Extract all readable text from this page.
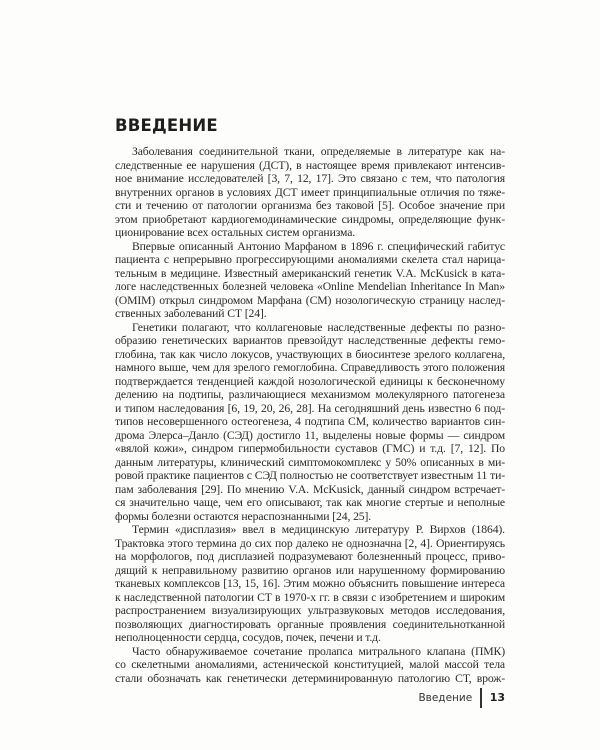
ВВЕДЕНИЕ
Заболевания соединительной ткани, определяемые в литературе как на-
следственные ее нарушения (ДСТ), в настоящее время привлекают интенсив-
ное внимание исследователей [3, 7, 12, 17]. Это связано с тем, что патология
внутренних органов в условиях ДСТ имеет принципиальные отличия по тяже-
сти и течению от патологии организма без таковой [5]. Особое значение при
этом приобретают кардиогемодинамические синдромы, определяющие функ-
ционирование всех остальных систем организма.
Впервые описанный Антонио Марфаном в 1896 г. специфический габитус
пациента с непрерывно прогрессирующими аномалиями скелета стал нарица-
тельным в медицине. Известный американский генетик V.A. McKusick в ката-
логе наследственных болезней человека «Online Mendelian Inheritance In Man»
(OMIM) открыл синдромом Марфана (СМ) нозологическую страницу наслед-
ственных заболеваний СТ [24].
Генетики полагают, что коллагеновые наследственные дефекты по разно-
образию генетических вариантов превзойдут наследственные дефекты гемо-
глобина, так как число локусов, участвующих в биосинтезе зрелого коллагена,
намного выше, чем для зрелого гемоглобина. Справедливость этого положения
подтверждается тенденцией каждой нозологической единицы к бесконечному
делению на подтипы, различающиеся механизмом молекулярного патогенеза
и типом наследования [6, 19, 20, 26, 28]. На сегодняшний день известно 6 под-
типов несовершенного остеогенеза, 4 подтипа СМ, количество вариантов син-
дрома Элерса–Данло (СЭД) достигло 11, выделены новые формы — синдром
«вялой кожи», синдром гипермобильности суставов (ГМС) и т.д. [7, 12]. По
данным литературы, клинический симптомокомплекс у 50% описанных в ми-
ровой практике пациентов с СЭД полностью не соответствует известным 11 ти-
пам заболевания [29]. По мнению V.A. McKusick, данный синдром встречает-
ся значительно чаще, чем его описывают, так как многие стертые и неполные
формы болезни остаются нераспознанными [24, 25].
Термин «дисплазия» ввел в медицинскую литературу Р. Вирхов (1864).
Трактовка этого термина до сих пор далеко не однозначна [2, 4]. Ориентируясь
на морфологов, под дисплазией подразумевают болезненный процесс, приво-
дящий к неправильному развитию органов или нарушенному формированию
тканевых комплексов [13, 15, 16]. Этим можно объяснить повышение интереса
к наследственной патологии СТ в 1970-х гг. в связи с изобретением и широким
распространением визуализирующих ультразвуковых методов исследования,
позволяющих диагностировать органные проявления соединительнотканной
неполноценности сердца, сосудов, почек, печени и т.д.
Часто обнаруживаемое сочетание пролапса митрального клапана (ПМК)
со скелетными аномалиями, астенической конституцией, малой массой тела
стали обозначать как генетически детерминированную патологию СТ, врож-
Введение 13
